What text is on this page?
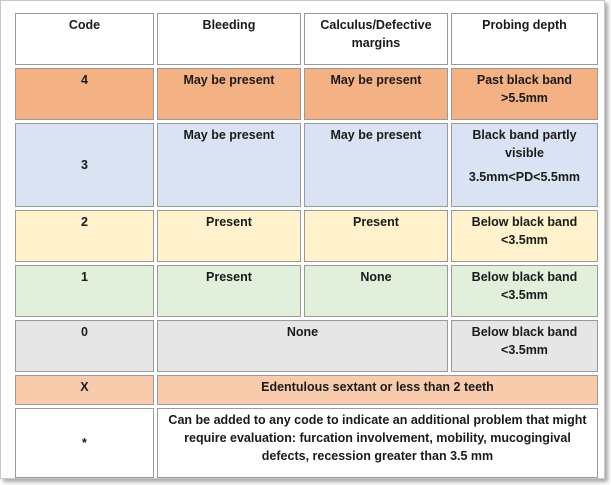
Code	Bleeding	Calculus/Defective margins	Probing depth
4	May be present	May be present	Past black band
>5.5mm

3	May be present	May be present	Black band partly visible
3.5mm<PD<5.5mm

2	Present	Present	Below black band
<3.5mm

1	Present	None	Below black band
<3.5mm

0	None		Below black band
<3.5mm

X	Edentulous sextant or less than 2 teeth		
*	Can be added to any code to indicate an additional problem that might require evaluation: furcation involvement, mobility, mucogingival defects, recession greater than 3.5 mm		
